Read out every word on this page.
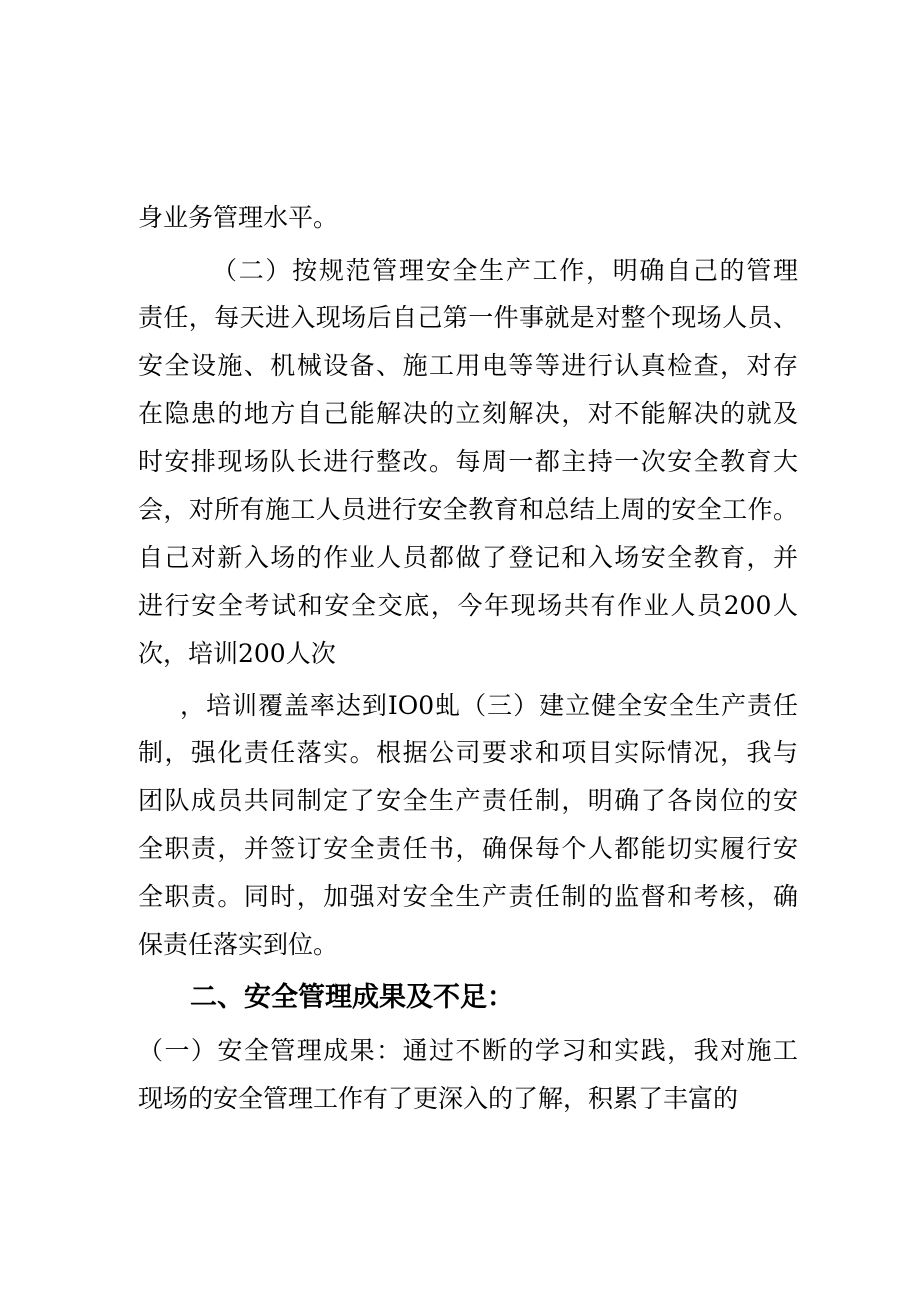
身业务管理水平。
（二）按规范管理安全生产工作，明确自己的管理
责任，每天进入现场后自己第一件事就是对整个现场人员、
安全设施、机械设备、施工用电等等进行认真检查，对存
在隐患的地方自己能解决的立刻解决，对不能解决的就及
时安排现场队长进行整改。每周一都主持一次安全教育大
会，对所有施工人员进行安全教育和总结上周的安全工作。
自己对新入场的作业人员都做了登记和入场安全教育，并
进行安全考试和安全交底，今年现场共有作业人员200人
次，培训200人次
，培训覆盖率达到IO0虬（三）建立健全安全生产责任
制，强化责任落实。根据公司要求和项目实际情况，我与
团队成员共同制定了安全生产责任制，明确了各岗位的安
全职责，并签订安全责任书，确保每个人都能切实履行安
全职责。同时，加强对安全生产责任制的监督和考核，确
保责任落实到位。
二、安全管理成果及不足：
（一）安全管理成果：通过不断的学习和实践，我对施工
现场的安全管理工作有了更深入的了解，积累了丰富的
